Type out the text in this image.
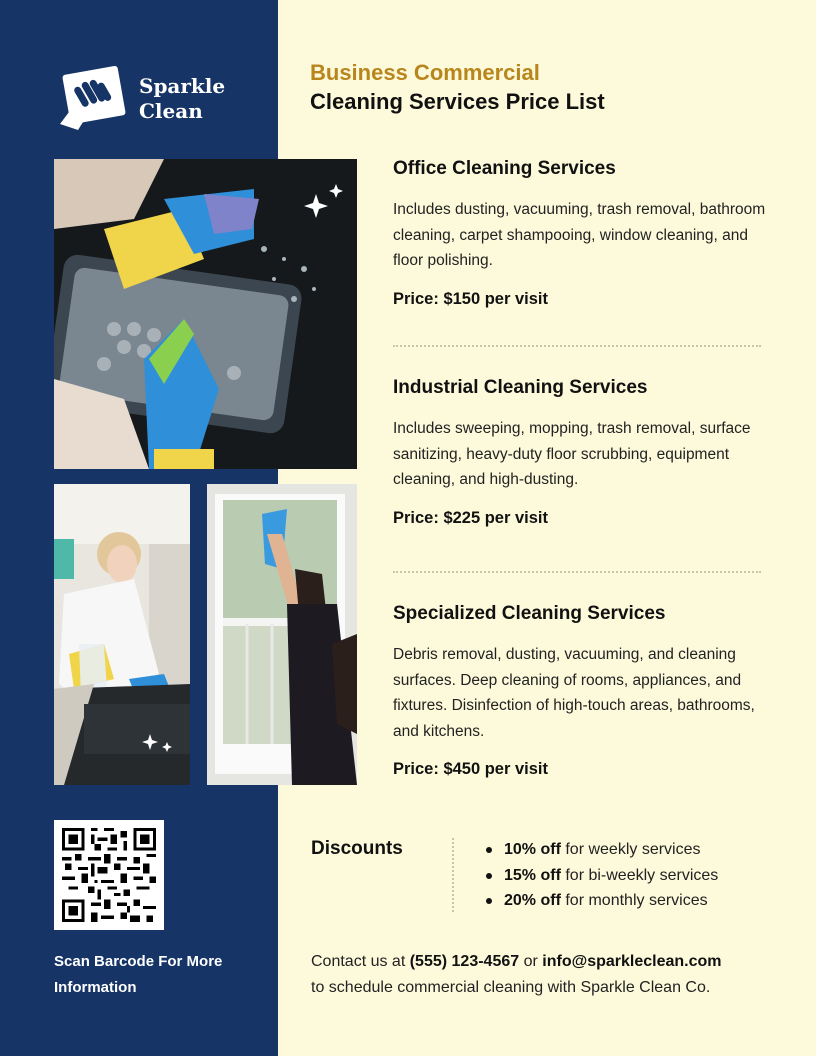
Sparkle
Clean
Scan Barcode For More Information
Business Commercial
Cleaning Services Price List
Office Cleaning Services

Includes dusting, vacuuming, trash removal, bathroom cleaning, carpet shampooing, window cleaning, and floor polishing.

Price: $150 per visit

Industrial Cleaning Services

Includes sweeping, mopping, trash removal, surface sanitizing, heavy-duty floor scrubbing, equipment cleaning, and high-dusting.

Price: $225 per visit

Specialized Cleaning Services

Debris removal, dusting, vacuuming, and cleaning surfaces. Deep cleaning of rooms, appliances, and fixtures. Disinfection of high-touch areas, bathrooms, and kitchens.

Price: $450 per visit

Discounts	10% off for weekly services
15% off for bi-weekly services
20% off for monthly services
Contact us at (555) 123-4567 or info@sparkleclean.com
to schedule commercial cleaning with Sparkle Clean Co.
